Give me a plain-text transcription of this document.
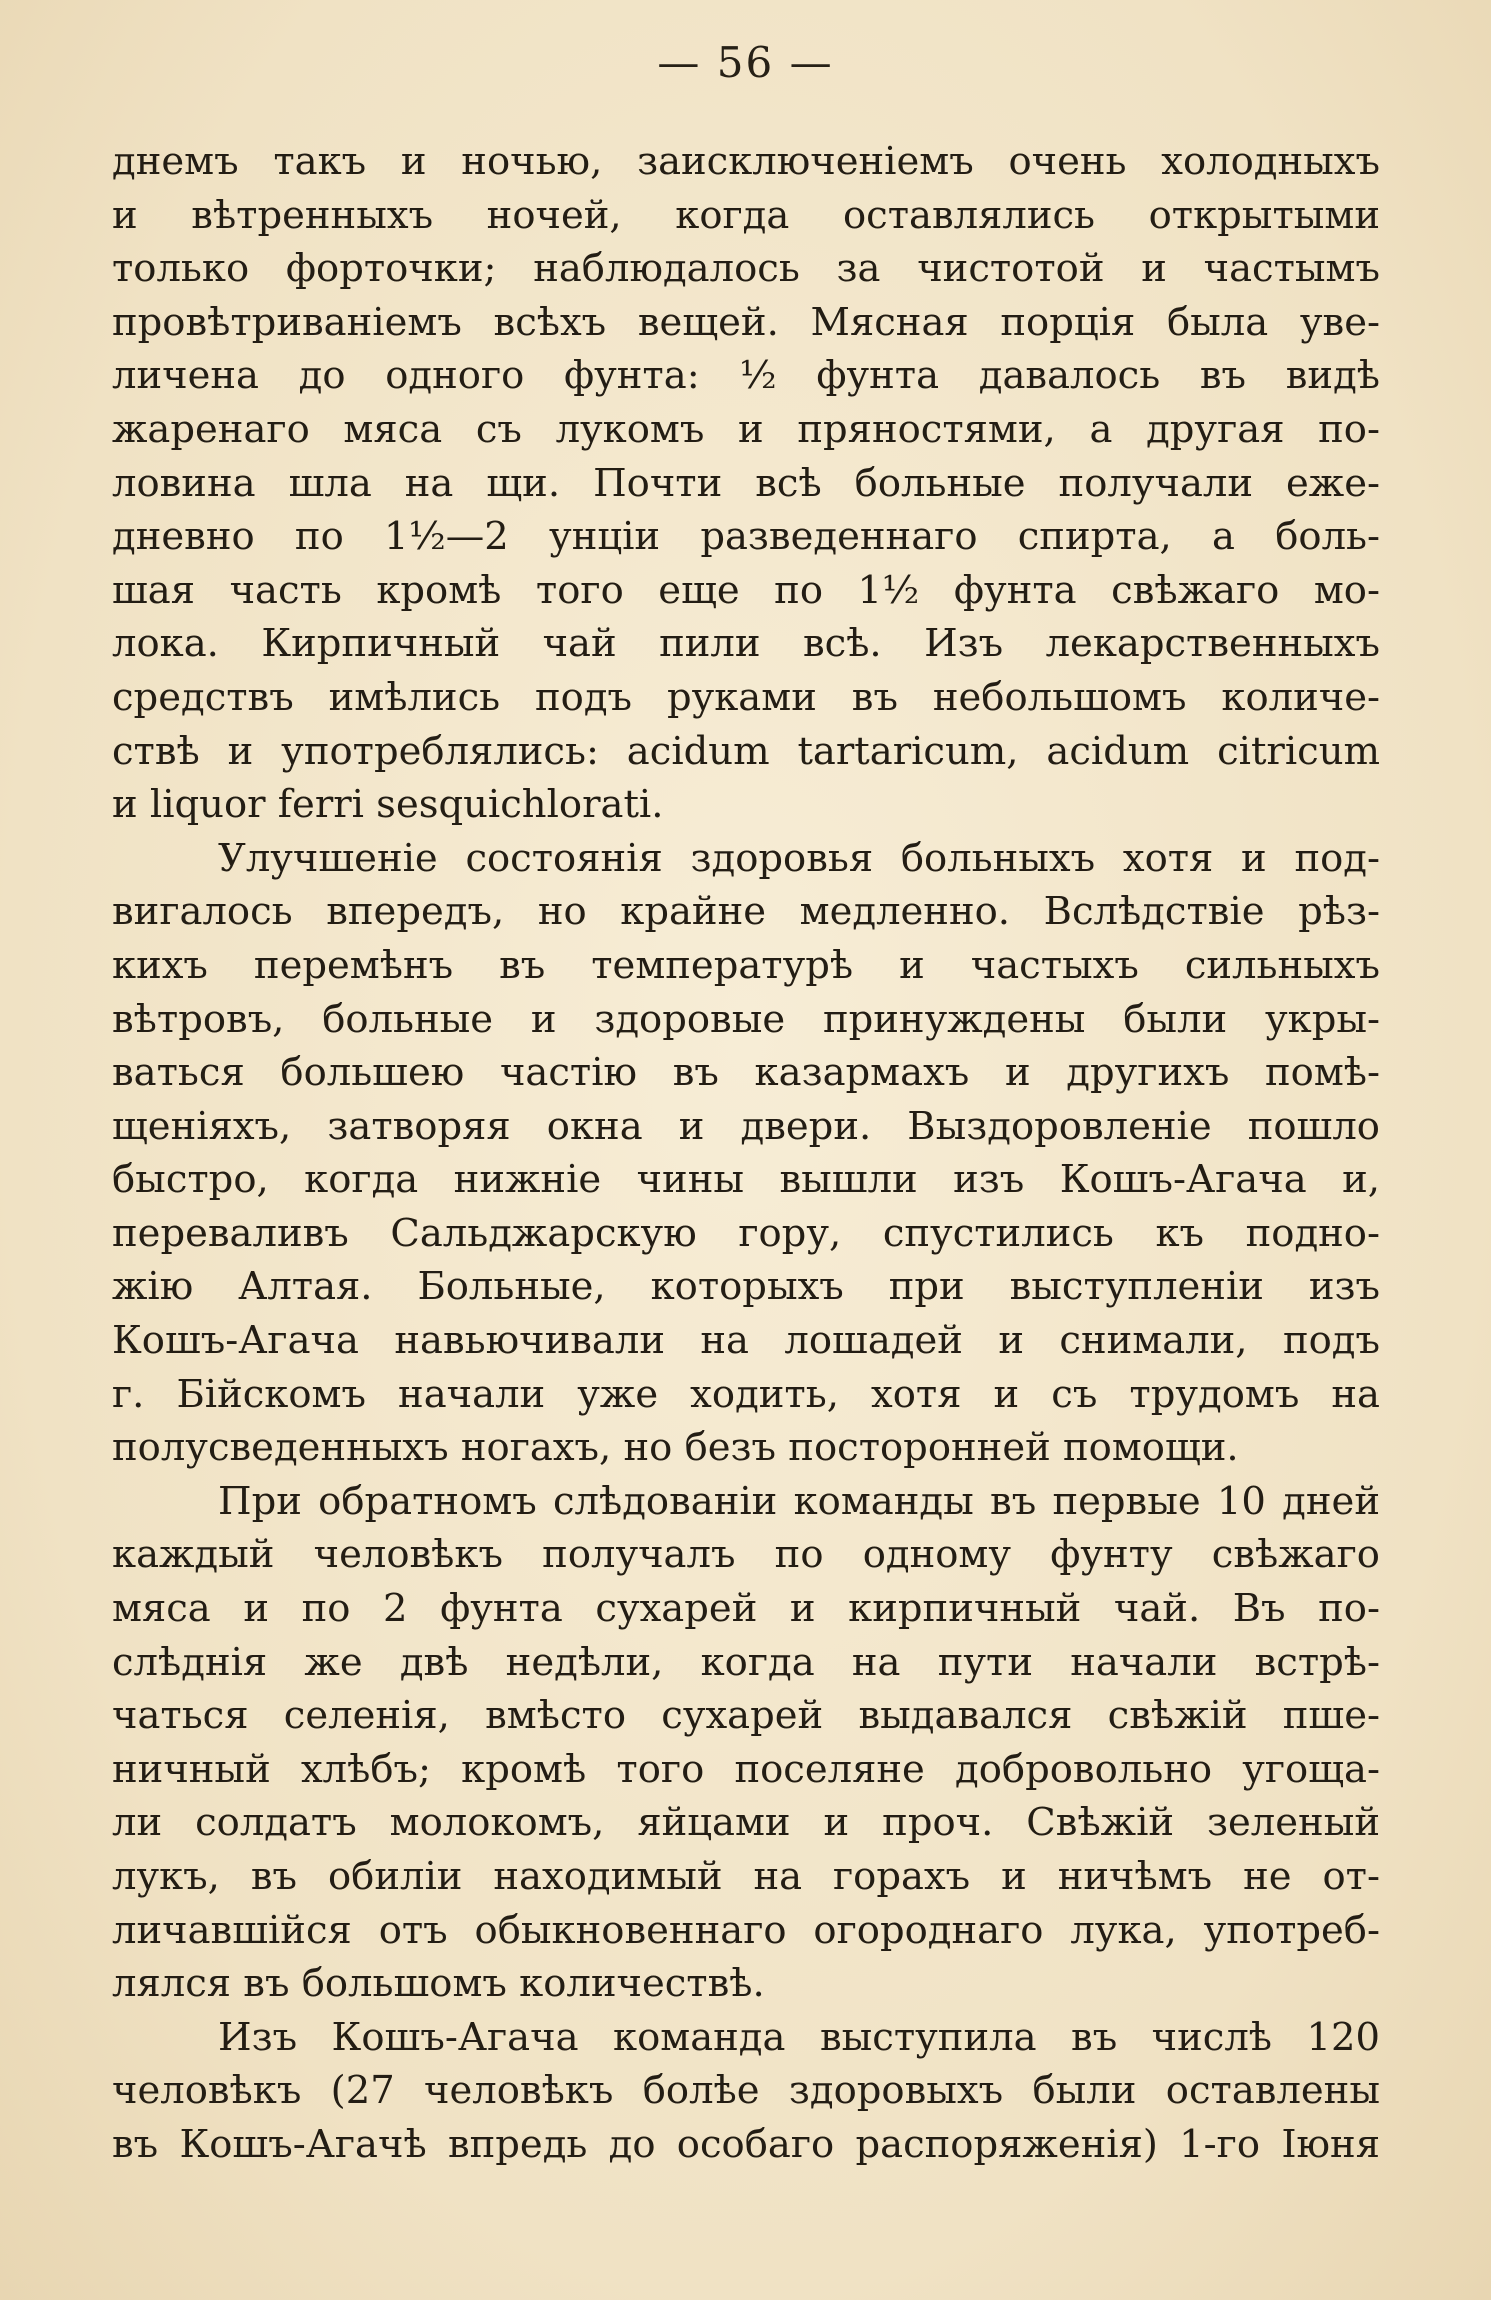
— 56 —
днемъ такъ и ночью, заисключеніемъ очень холодныхъ
и вѣтренныхъ ночей, когда оставлялись открытыми
только форточки; наблюдалось за чистотой и частымъ
провѣтриваніемъ всѣхъ вещей. Мясная порція была уве-
личена до одного фунта: ½ фунта давалось въ видѣ
жаренаго мяса съ лукомъ и пряностями, а другая по-
ловина шла на щи. Почти всѣ больные получали еже-
дневно по 1½—2 унціи разведеннаго спирта, а боль-
шая часть кромѣ того еще по 1½ фунта свѣжаго мо-
лока. Кирпичный чай пили всѣ. Изъ лекарственныхъ
средствъ имѣлись подъ руками въ небольшомъ количе-
ствѣ и употреблялись: acidum tartaricum, acidum citricum
и liquor ferri sesquichlorati.
Улучшеніе состоянія здоровья больныхъ хотя и под-
вигалось впередъ, но крайне медленно. Вслѣдствіе рѣз-
кихъ перемѣнъ въ температурѣ и частыхъ сильныхъ
вѣтровъ, больные и здоровые принуждены были укры-
ваться большею частію въ казармахъ и другихъ помѣ-
щеніяхъ, затворяя окна и двери. Выздоровленіе пошло
быстро, когда нижніе чины вышли изъ Кошъ-Агача и,
переваливъ Сальджарскую гору, спустились къ подно-
жію Алтая. Больные, которыхъ при выступленіи изъ
Кошъ-Агача навьючивали на лошадей и снимали, подъ
г. Бійскомъ начали уже ходить, хотя и съ трудомъ на
полусведенныхъ ногахъ, но безъ посторонней помощи.
При обратномъ слѣдованіи команды въ первые 10 дней
каждый человѣкъ получалъ по одному фунту свѣжаго
мяса и по 2 фунта сухарей и кирпичный чай. Въ по-
слѣднія же двѣ недѣли, когда на пути начали встрѣ-
чаться селенія, вмѣсто сухарей выдавался свѣжій пше-
ничный хлѣбъ; кромѣ того поселяне добровольно угоща-
ли солдатъ молокомъ, яйцами и проч. Свѣжій зеленый
лукъ, въ обиліи находимый на горахъ и ничѣмъ не от-
личавшійся отъ обыкновеннаго огороднаго лука, употреб-
лялся въ большомъ количествѣ.
Изъ Кошъ-Агача команда выступила въ числѣ 120
человѣкъ (27 человѣкъ болѣе здоровыхъ были оставлены
въ Кошъ-Агачѣ впредь до особаго распоряженія) 1-го Іюня
